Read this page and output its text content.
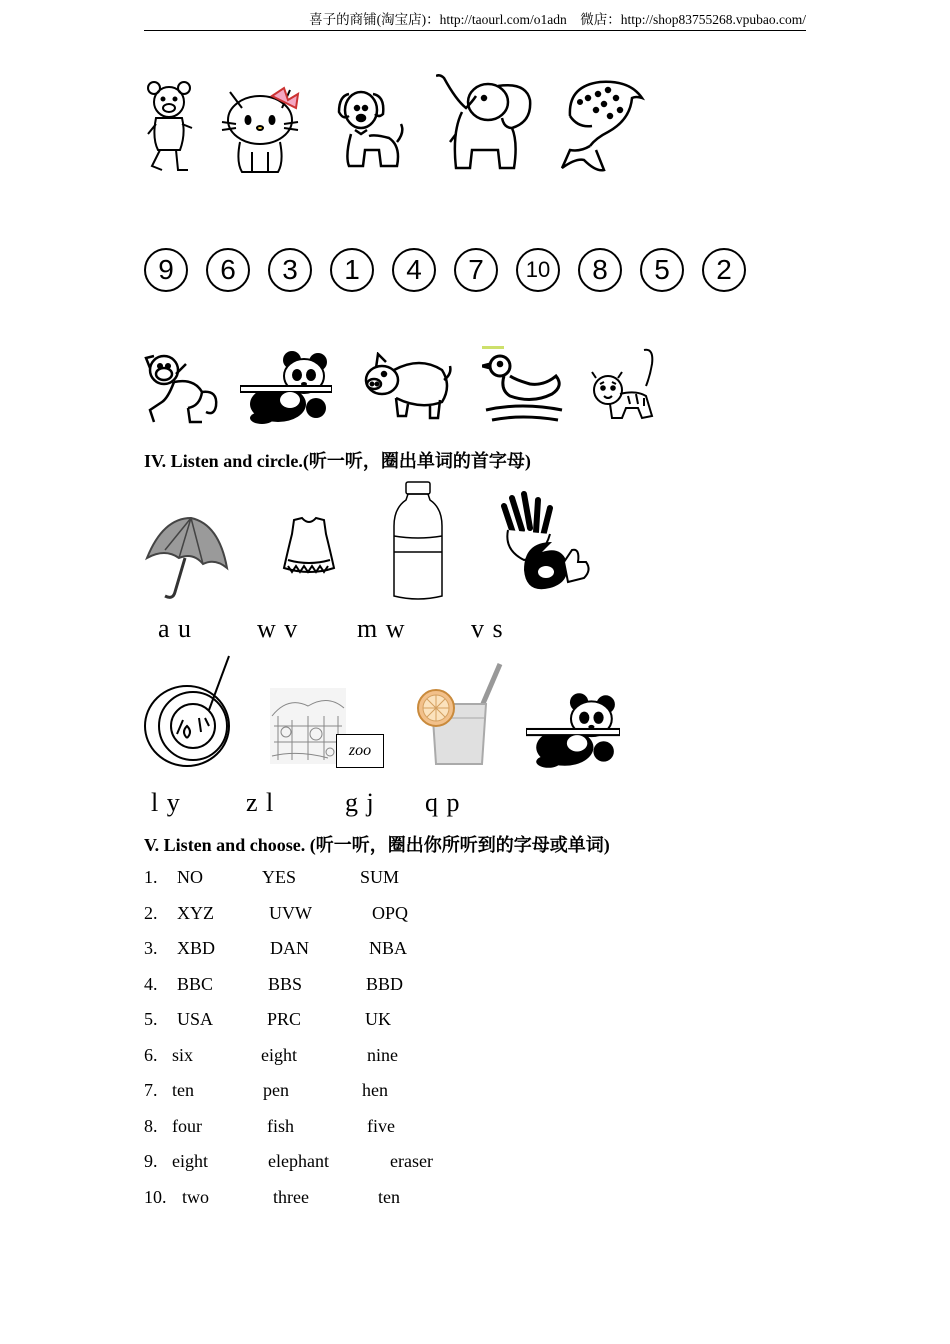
喜子的商铺(淘宝店)：http://taourl.com/o1adn　微店：http://shop83755268.vpubao.com/
9	6	3	1	4	7	10	8	5	2
IV. Listen and circle.(听一听，圈出单词的首字母)
a u w v m w	v s
zoo
l y	z l	g j q p
V. Listen and choose. (听一听，圈出你所听到的字母或单词)
1. NO	YES	SUM
2. XYZ	UVW	OPQ
3. XBD	DAN	NBA
4. BBC	BBS	BBD
5. USA	PRC	UK
6. six	eight	nine
7. ten	pen	hen
8. four	fish	five
9. eight	elephant	eraser
10. two	three	ten
